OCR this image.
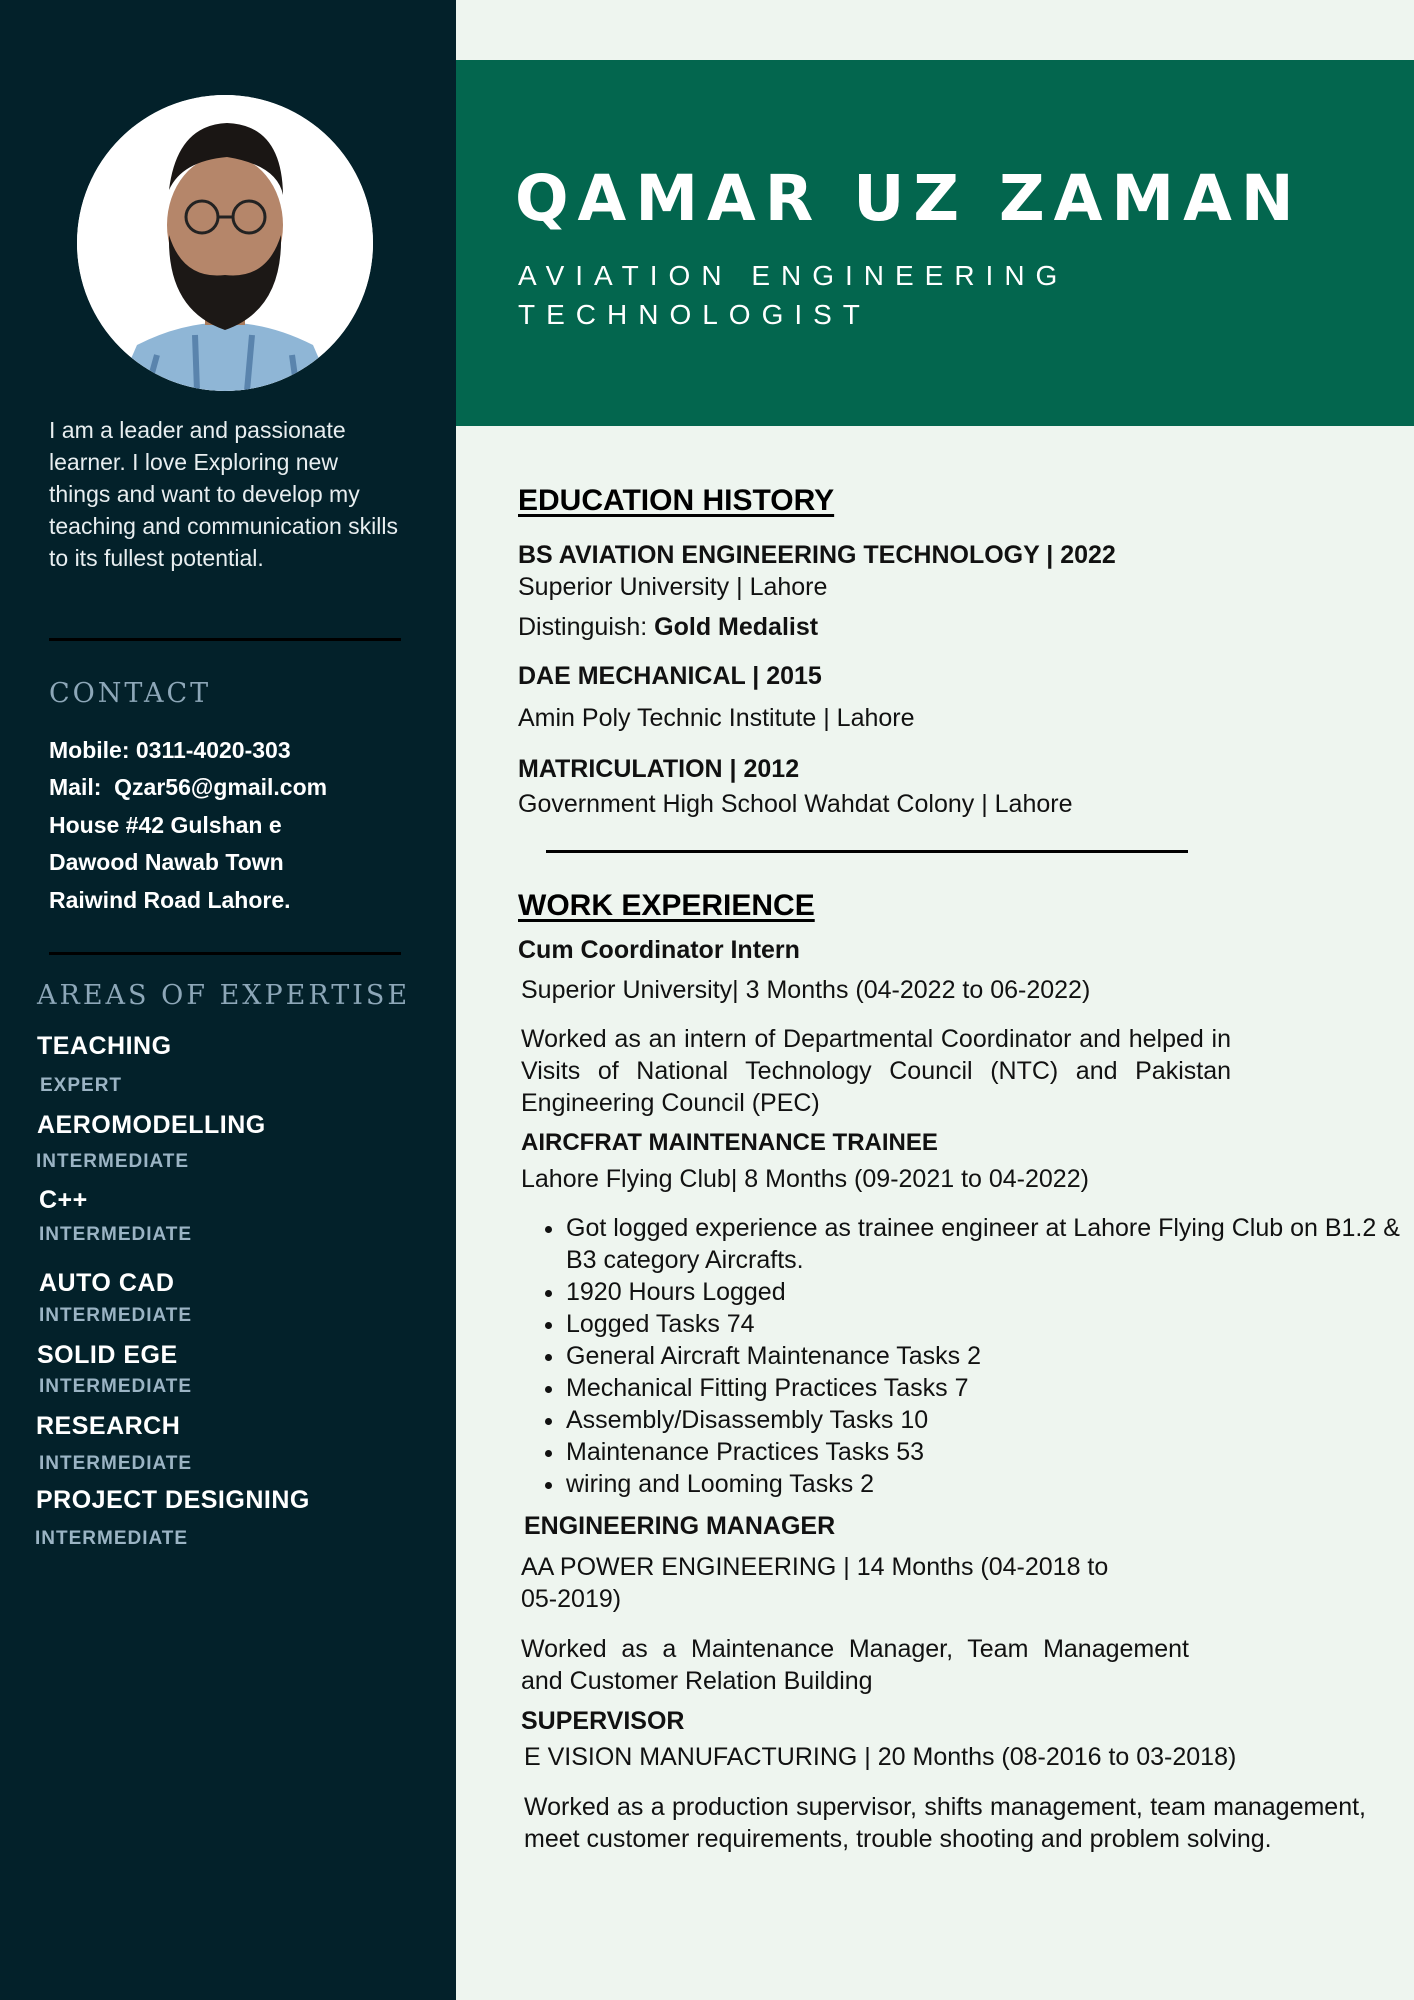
I am a leader and passionate learner. I love Exploring new things and want to develop my teaching and communication skills to its fullest potential.
CONTACT
Mobile: 0311-4020-303
Mail:  Qzar56@gmail.com
House #42 Gulshan e
Dawood Nawab Town
Raiwind Road Lahore.
AREAS OF EXPERTISE
TEACHING
EXPERT
AEROMODELLING
INTERMEDIATE
C++
INTERMEDIATE
AUTO CAD
INTERMEDIATE
SOLID EGE
INTERMEDIATE
RESEARCH
INTERMEDIATE
PROJECT DESIGNING
INTERMEDIATE
QAMAR UZ ZAMAN
AVIATION ENGINEERING TECHNOLOGIST
EDUCATION HISTORY
BS AVIATION ENGINEERING TECHNOLOGY | 2022
Superior University | Lahore
Distinguish: Gold Medalist
DAE MECHANICAL | 2015
Amin Poly Technic Institute | Lahore
MATRICULATION | 2012
Government High School Wahdat Colony | Lahore
WORK EXPERIENCE
Cum Coordinator Intern
Superior University| 3 Months (04-2022 to 06-2022)
Worked as an intern of Departmental Coordinator and helped in Visits of National Technology Council (NTC) and Pakistan Engineering Council (PEC)
AIRCFRAT MAINTENANCE TRAINEE
Lahore Flying Club| 8 Months (09-2021 to 04-2022)
• Got logged experience as trainee engineer at Lahore Flying Club on B1.2 & B3 category Aircrafts.
• 1920 Hours Logged
• Logged Tasks 74
• General Aircraft Maintenance Tasks 2
• Mechanical Fitting Practices Tasks 7
• Assembly/Disassembly Tasks 10
• Maintenance Practices Tasks 53
• wiring and Looming Tasks 2
ENGINEERING MANAGER
AA POWER ENGINEERING | 14 Months (04-2018 to
05-2019)
Worked as a Maintenance Manager, Team Management and Customer Relation Building
SUPERVISOR
E VISION MANUFACTURING | 20 Months (08-2016 to 03-2018)
Worked as a production supervisor, shifts management, team management, meet customer requirements, trouble shooting and problem solving.
